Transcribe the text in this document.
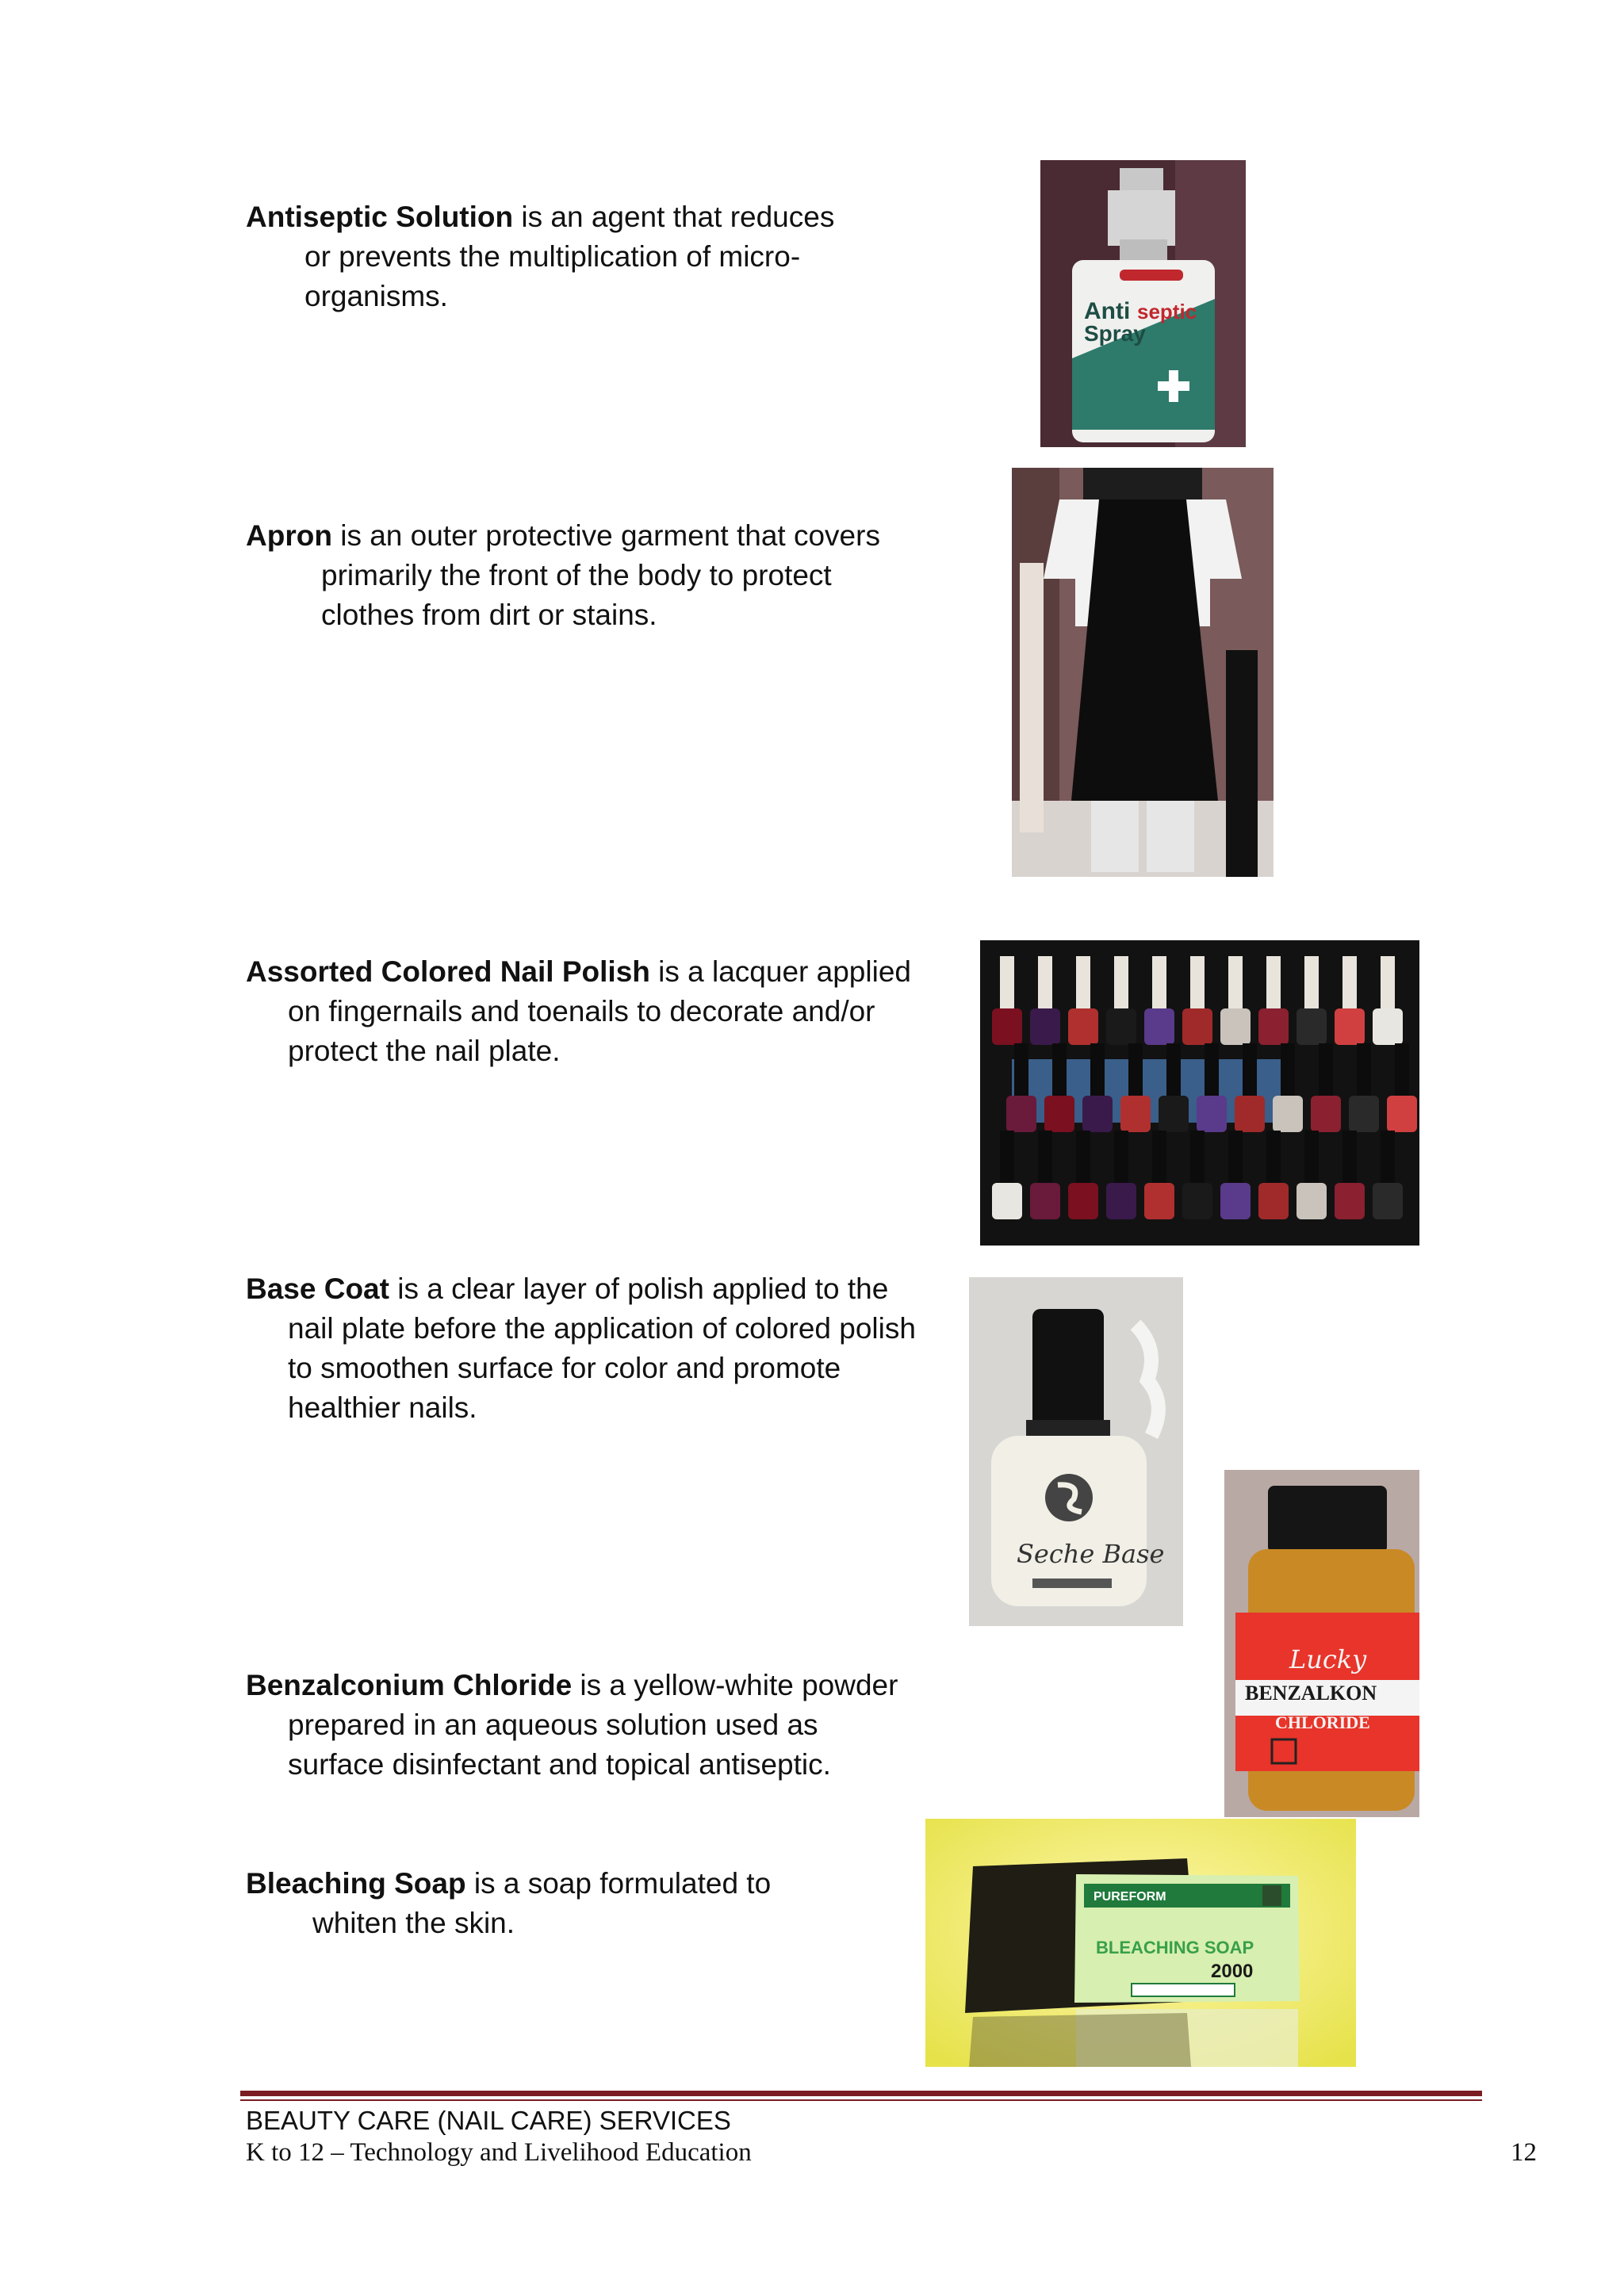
Antiseptic Solution is an agent that reduces
or prevents the multiplication of micro-
organisms.	Anti septic
Spray
Apron is an outer protective garment that covers
primarily the front of the body to protect
clothes from dirt or stains.
Assorted Colored Nail Polish is a lacquer applied
on fingernails and toenails to decorate and/or
protect the nail plate.
Base Coat is a clear layer of polish applied to the
nail plate before the application of colored polish
to smoothen surface for color and promote
healthier nails.
Seche Base
Benzalconium Chloride is a yellow-white powder
prepared in an aqueous solution used as
surface disinfectant and topical antiseptic.
Lucky
BENZALKON
CHLORIDE
Bleaching Soap is a soap formulated to
whiten the skin.
PUREFORM
BLEACHING SOAP
2000
BEAUTY CARE (NAIL CARE) SERVICES
K to 12 – Technology and Livelihood Education	12
